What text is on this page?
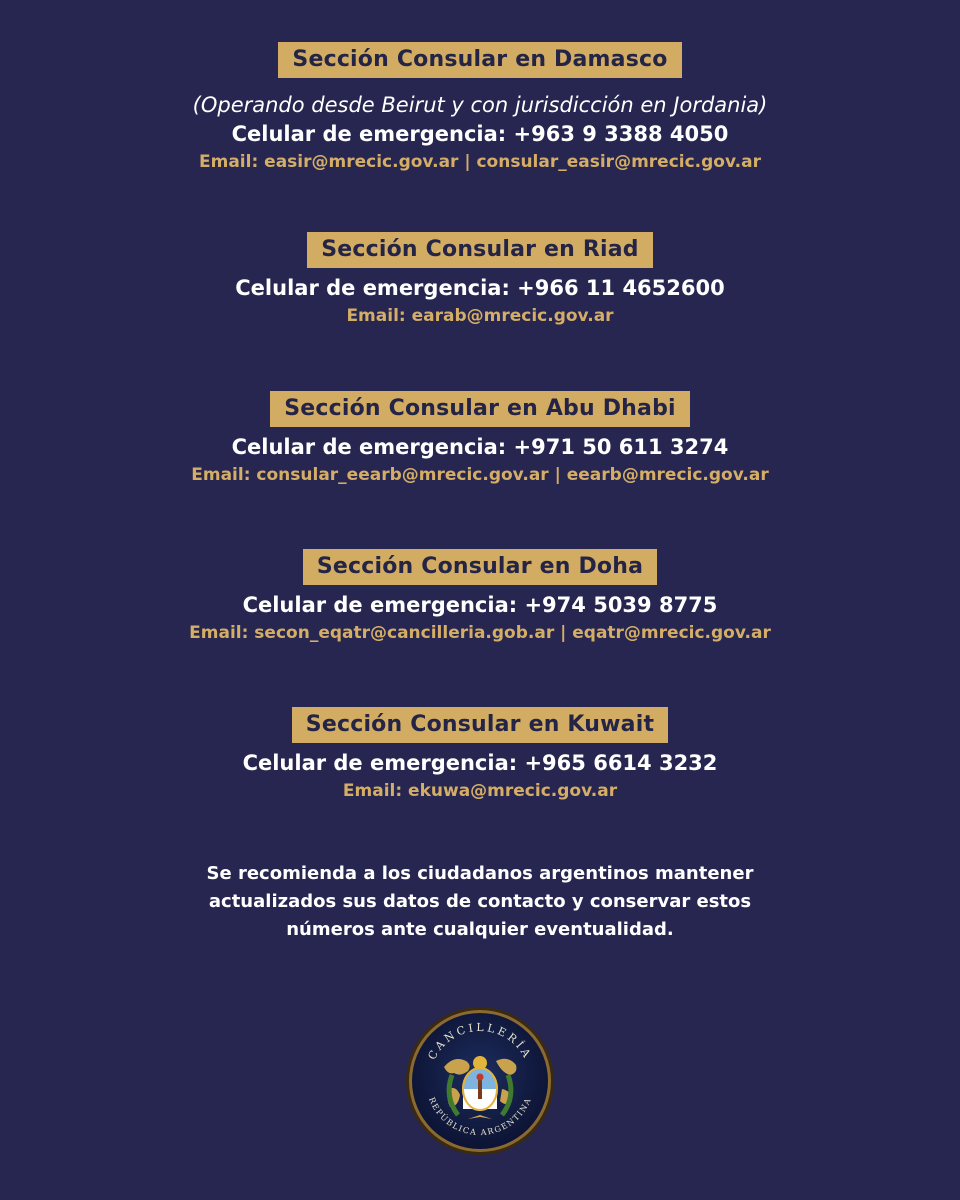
Sección Consular en Damasco
(Operando desde Beirut y con jurisdicción en Jordania)
Celular de emergencia: +963 9 3388 4050
Email: easir@mrecic.gov.ar | consular_easir@mrecic.gov.ar
Sección Consular en Riad
Celular de emergencia: +966 11 4652600
Email: earab@mrecic.gov.ar
Sección Consular en Abu Dhabi
Celular de emergencia: +971 50 611 3274
Email: consular_eearb@mrecic.gov.ar | eearb@mrecic.gov.ar
Sección Consular en Doha
Celular de emergencia: +974 5039 8775
Email: secon_eqatr@cancilleria.gob.ar | eqatr@mrecic.gov.ar
Sección Consular en Kuwait
Celular de emergencia: +965 6614 3232
Email: ekuwa@mrecic.gov.ar
Se recomienda a los ciudadanos argentinos mantener
actualizados sus datos de contacto y conservar estos
números ante cualquier eventualidad.
CANCILLERÍA
REPÚBLICA ARGENTINA
